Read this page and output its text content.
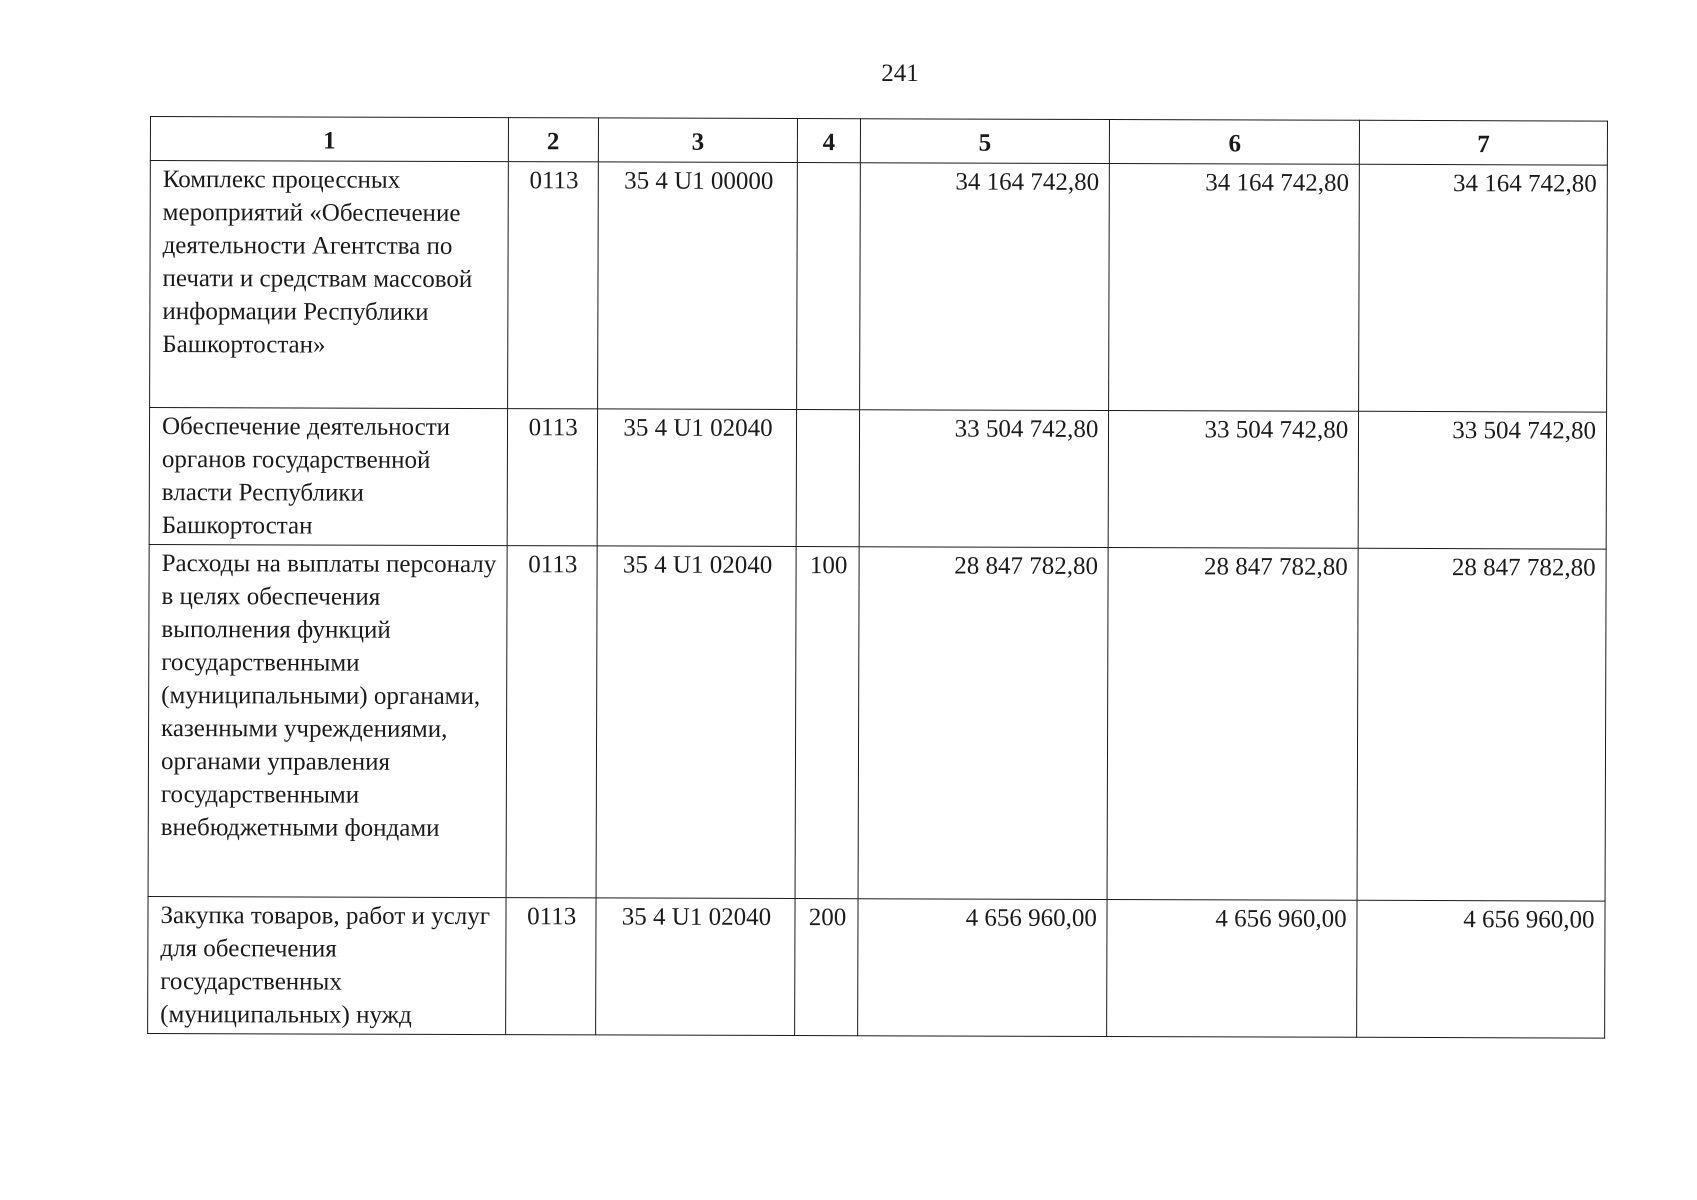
241
1	2	3	4	5	6	7
Комплекс процессных мероприятий «Обеспечение деятельности Агентства по печати и средствам массовой информации Республики Башкортостан»	0113	35 4 U1 00000		34 164 742,80	34 164 742,80	34 164 742,80
Обеспечение деятельности органов государственной власти Республики Башкортостан	0113	35 4 U1 02040		33 504 742,80	33 504 742,80	33 504 742,80
Расходы на выплаты персоналу в целях обеспечения выполнения функций государственными (муниципальными) органами, казенными учреждениями, органами управления государственными внебюджетными фондами	0113	35 4 U1 02040	100	28 847 782,80	28 847 782,80	28 847 782,80
Закупка товаров, работ и услуг для обеспечения государственных (муниципальных) нужд	0113	35 4 U1 02040	200	4 656 960,00	4 656 960,00	4 656 960,00
